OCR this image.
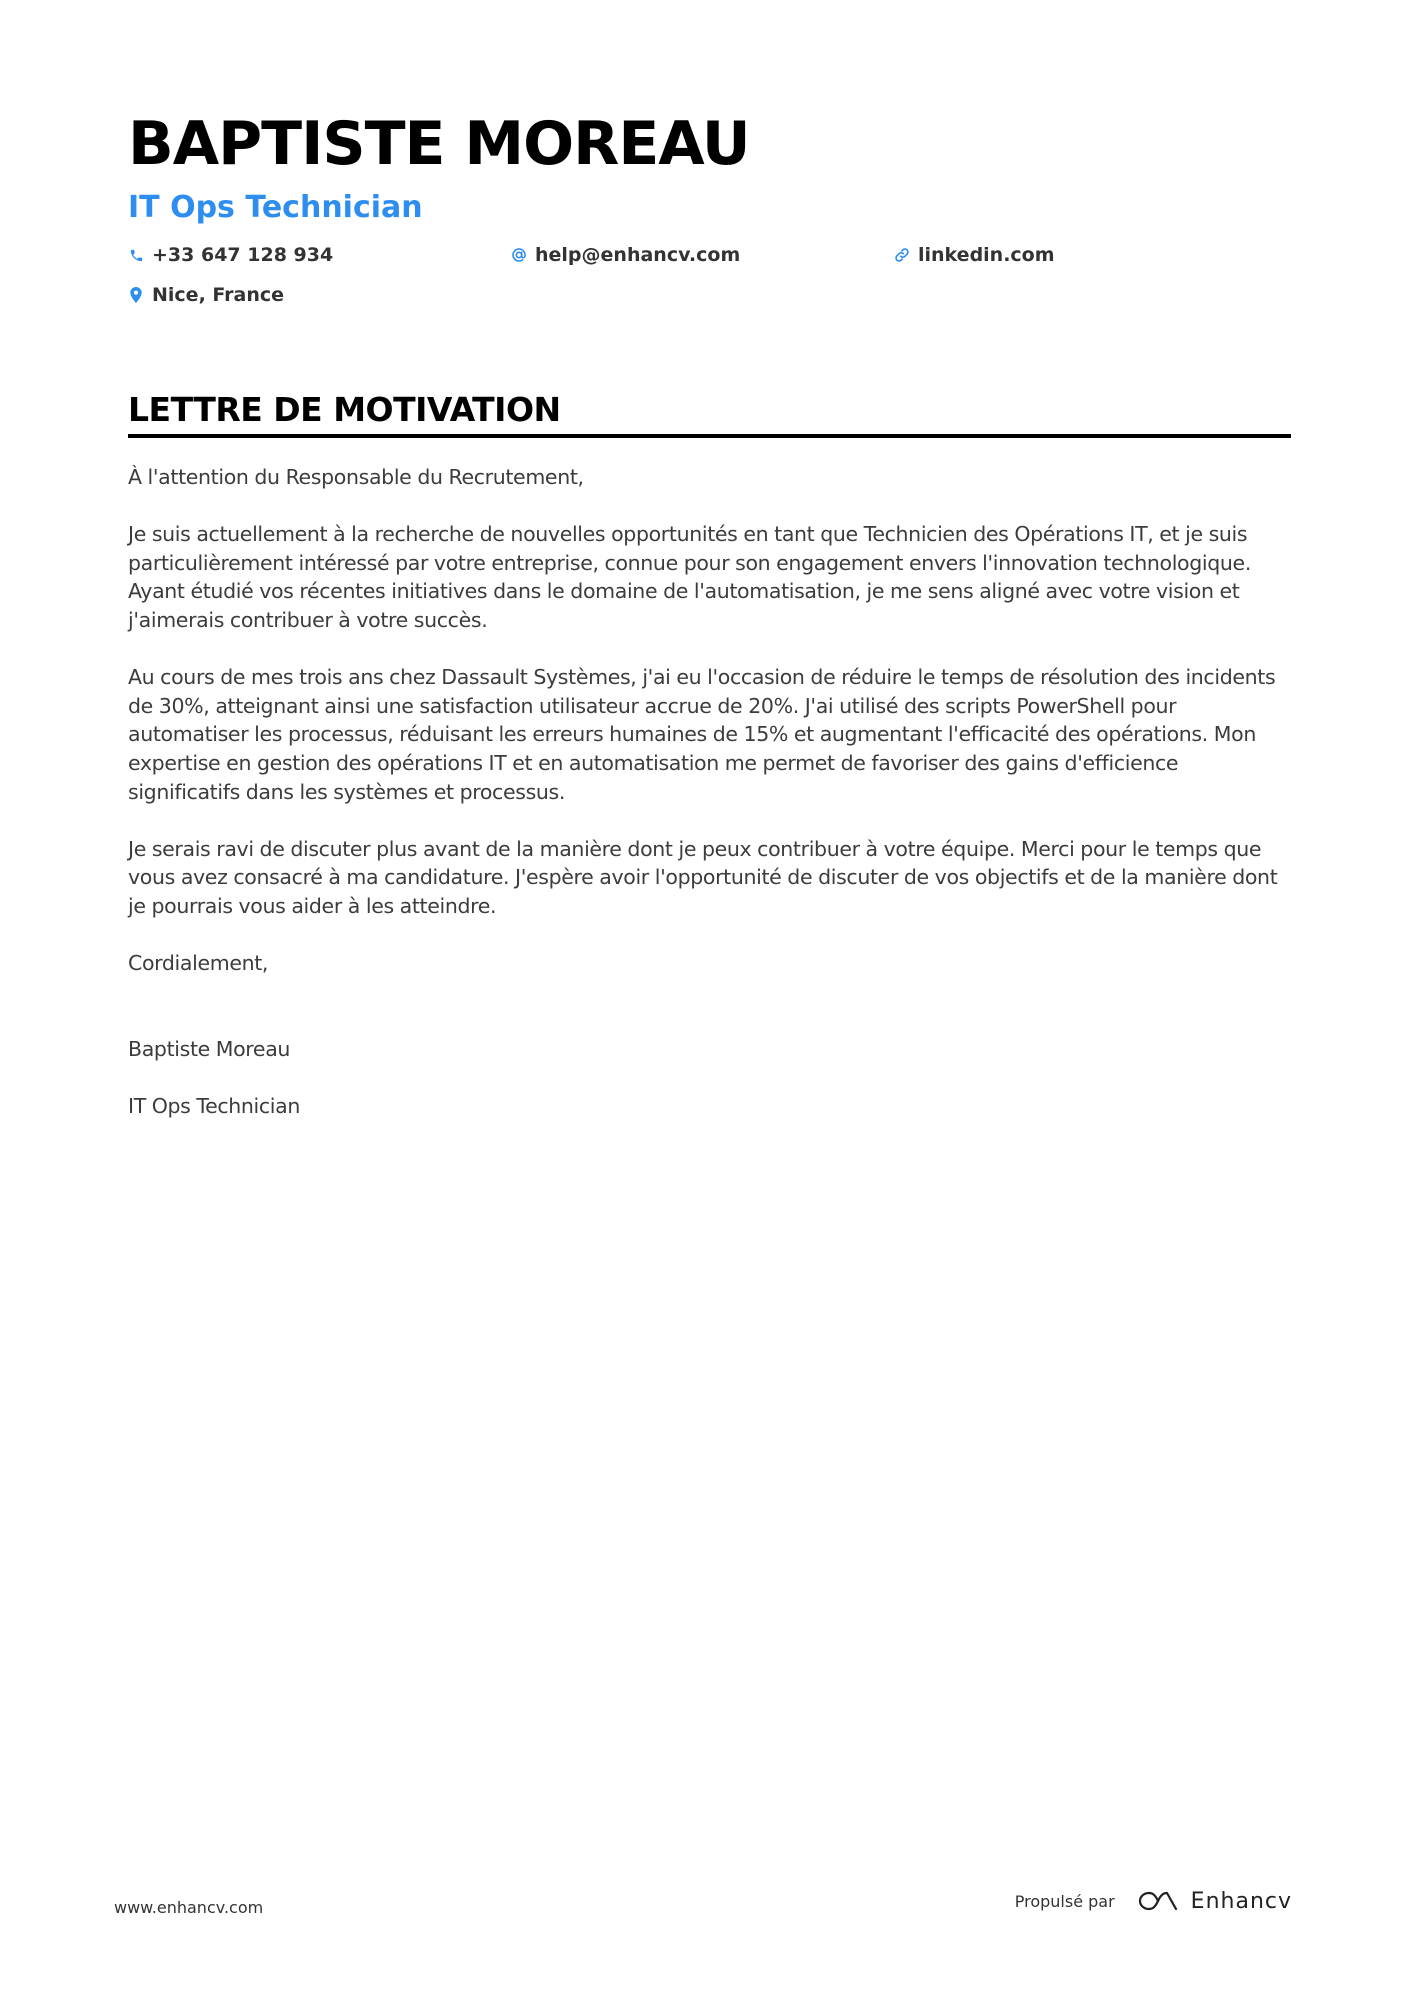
BAPTISTE MOREAU
IT Ops Technician
+33 647 128 934	help@enhancv.com	linkedin.com
Nice, France
LETTRE DE MOTIVATION

À l'attention du Responsable du Recrutement,

Je suis actuellement à la recherche de nouvelles opportunités en tant que Technicien des Opérations IT, et je suis particulièrement intéressé par votre entreprise, connue pour son engagement envers l'innovation technologique. Ayant étudié vos récentes initiatives dans le domaine de l'automatisation, je me sens aligné avec votre vision et j'aimerais contribuer à votre succès.

Au cours de mes trois ans chez Dassault Systèmes, j'ai eu l'occasion de réduire le temps de résolution des incidents de 30%, atteignant ainsi une satisfaction utilisateur accrue de 20%. J'ai utilisé des scripts PowerShell pour automatiser les processus, réduisant les erreurs humaines de 15% et augmentant l'efficacité des opérations. Mon expertise en gestion des opérations IT et en automatisation me permet de favoriser des gains d'efficience significatifs dans les systèmes et processus.

Je serais ravi de discuter plus avant de la manière dont je peux contribuer à votre équipe. Merci pour le temps que vous avez consacré à ma candidature. J'espère avoir l'opportunité de discuter de vos objectifs et de la manière dont je pourrais vous aider à les atteindre.

Cordialement,

Baptiste Moreau

IT Ops Technician

www.enhancv.com	Propulsé par	Enhancv
